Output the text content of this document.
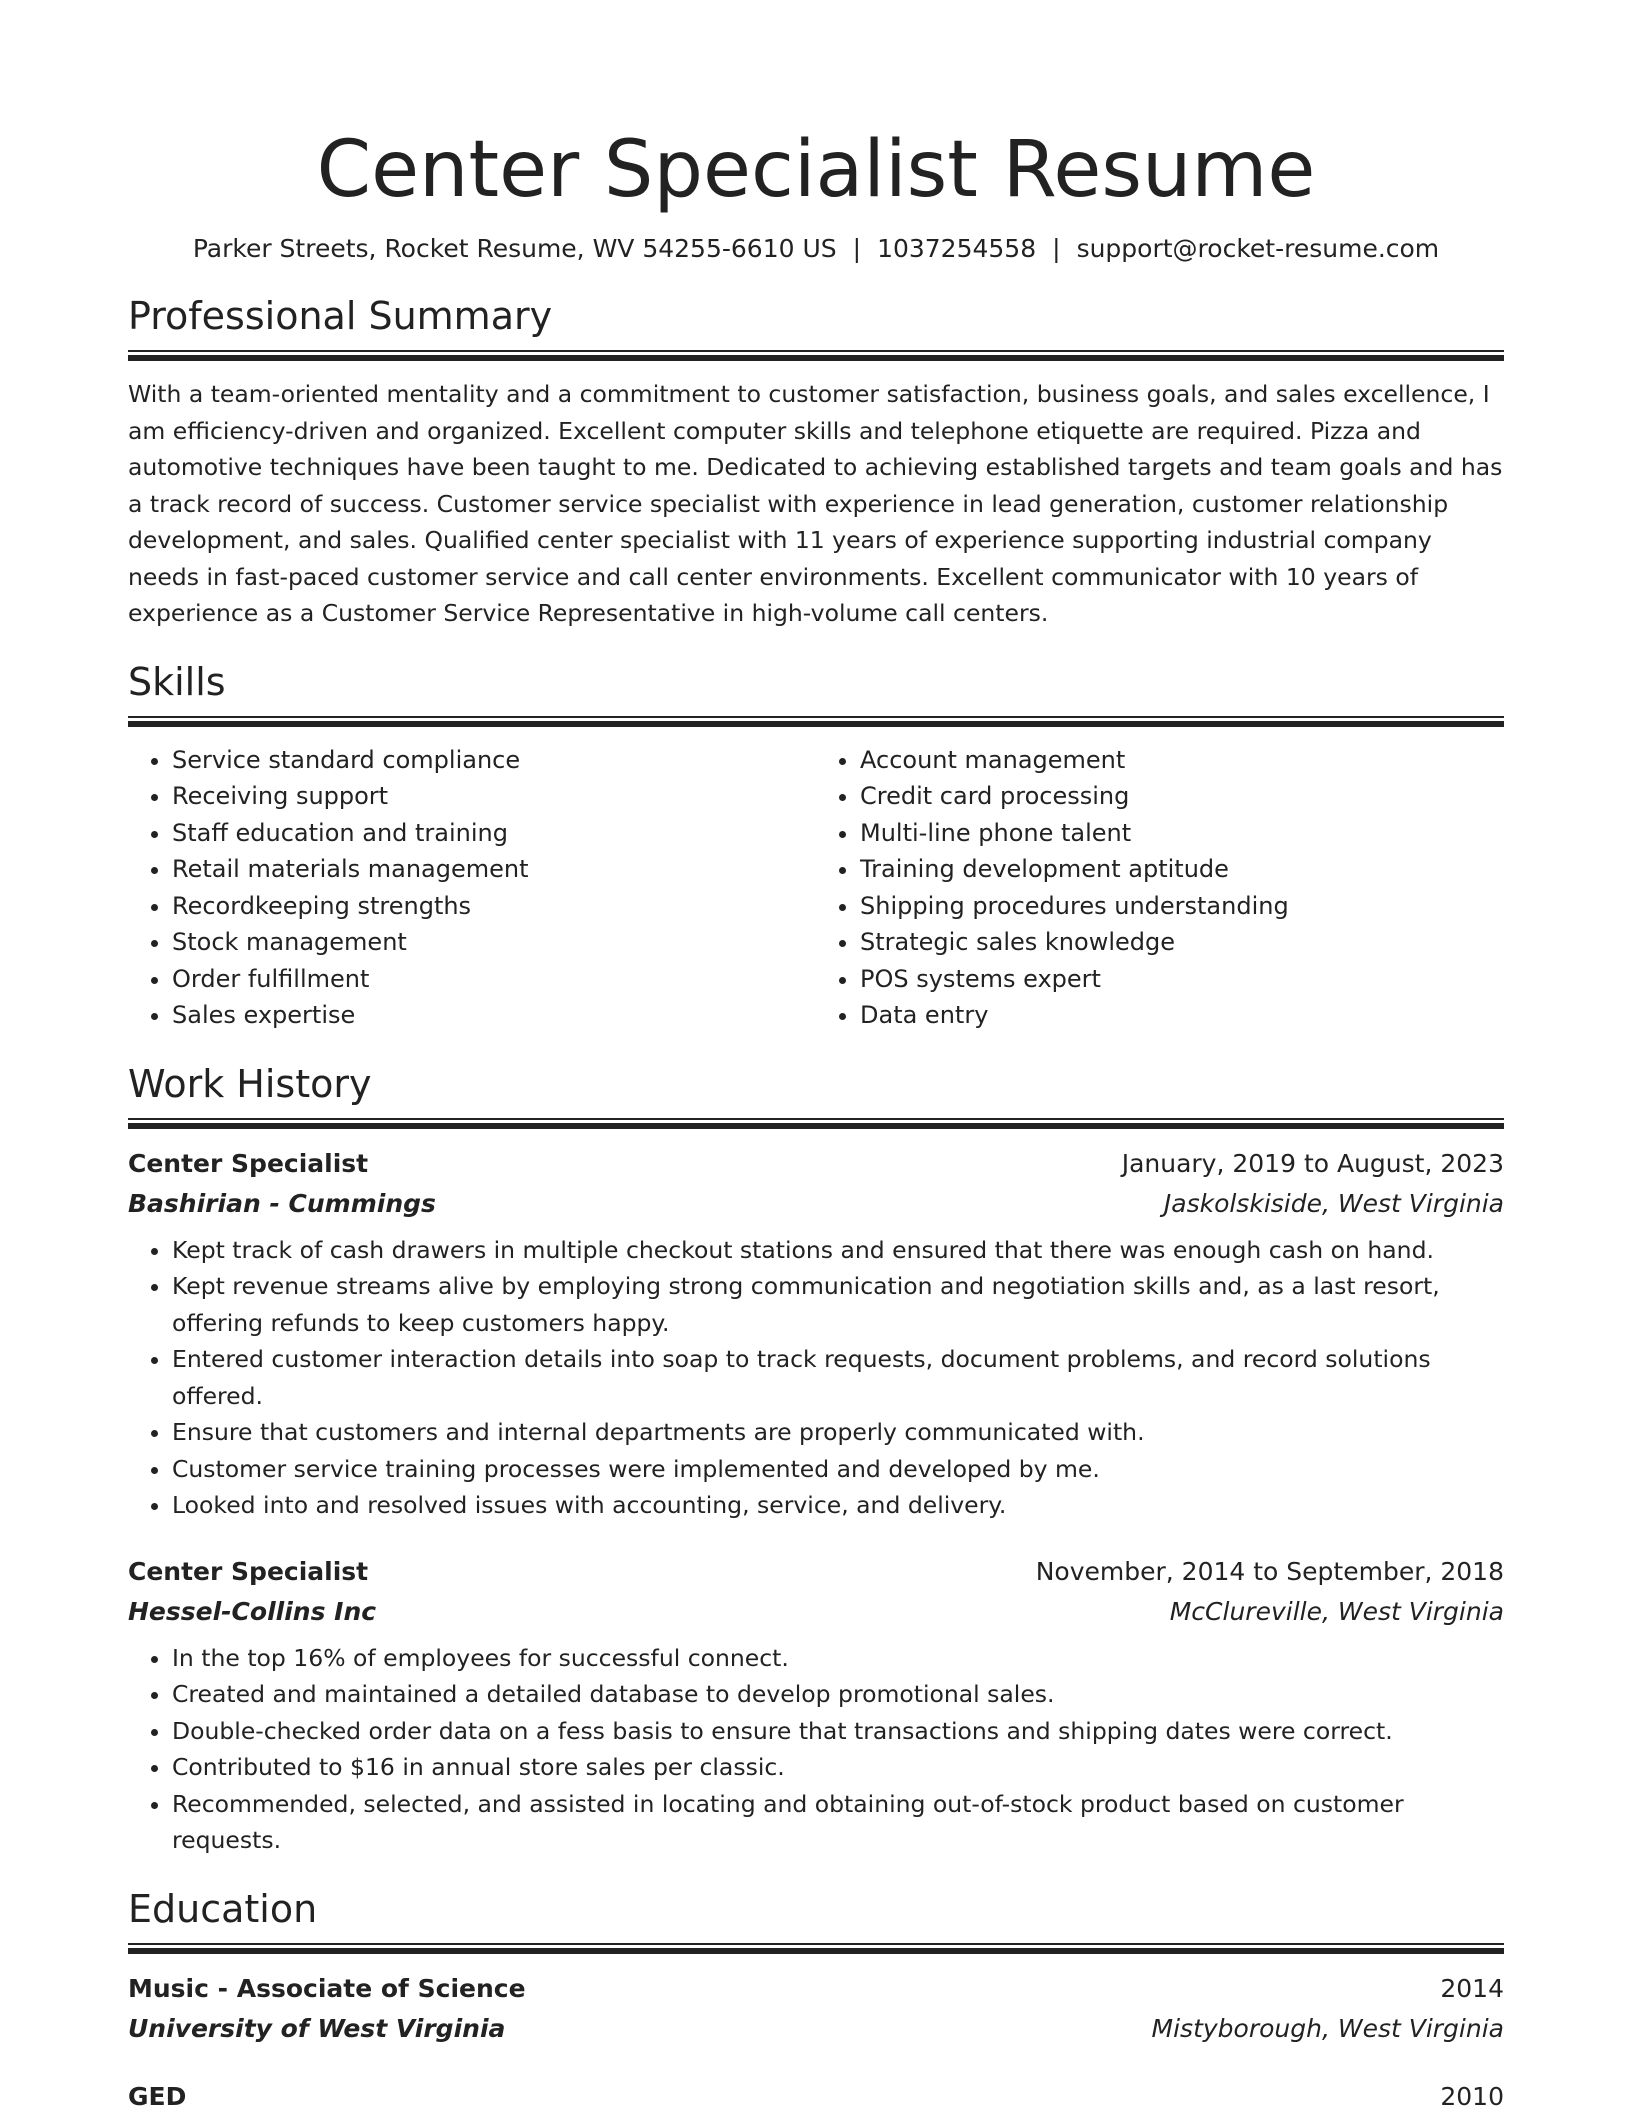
Center Specialist Resume
Parker Streets, Rocket Resume, WV 54255-6610 US | 1037254558 | support@rocket-resume.com
Professional Summary
With a team-oriented mentality and a commitment to customer satisfaction, business goals, and sales excellence, I am efficiency-driven and organized. Excellent computer skills and telephone etiquette are required. Pizza and automotive techniques have been taught to me. Dedicated to achieving established targets and team goals and has a track record of success. Customer service specialist with experience in lead generation, customer relationship development, and sales. Qualified center specialist with 11 years of experience supporting industrial company needs in fast-paced customer service and call center environments. Excellent communicator with 10 years of experience as a Customer Service Representative in high-volume call centers.
Skills
• Service standard compliance
• Receiving support
• Staff education and training
• Retail materials management
• Recordkeeping strengths
• Stock management
• Order fulfillment
• Sales expertise
• Account management
• Credit card processing
• Multi-line phone talent
• Training development aptitude
• Shipping procedures understanding
• Strategic sales knowledge
• POS systems expert
• Data entry
Work History
Center Specialist	January, 2019 to August, 2023
Bashirian - Cummings	Jaskolskiside, West Virginia
• Kept track of cash drawers in multiple checkout stations and ensured that there was enough cash on hand.
• Kept revenue streams alive by employing strong communication and negotiation skills and, as a last resort, offering refunds to keep customers happy.
• Entered customer interaction details into soap to track requests, document problems, and record solutions offered.
• Ensure that customers and internal departments are properly communicated with.
• Customer service training processes were implemented and developed by me.
• Looked into and resolved issues with accounting, service, and delivery.
Center Specialist	November, 2014 to September, 2018
Hessel-Collins Inc	McClureville, West Virginia
• In the top 16% of employees for successful connect.
• Created and maintained a detailed database to develop promotional sales.
• Double-checked order data on a fess basis to ensure that transactions and shipping dates were correct.
• Contributed to $16 in annual store sales per classic.
• Recommended, selected, and assisted in locating and obtaining out-of-stock product based on customer requests.
Education
Music - Associate of Science	2014
University of West Virginia	Mistyborough, West Virginia
GED	2010
